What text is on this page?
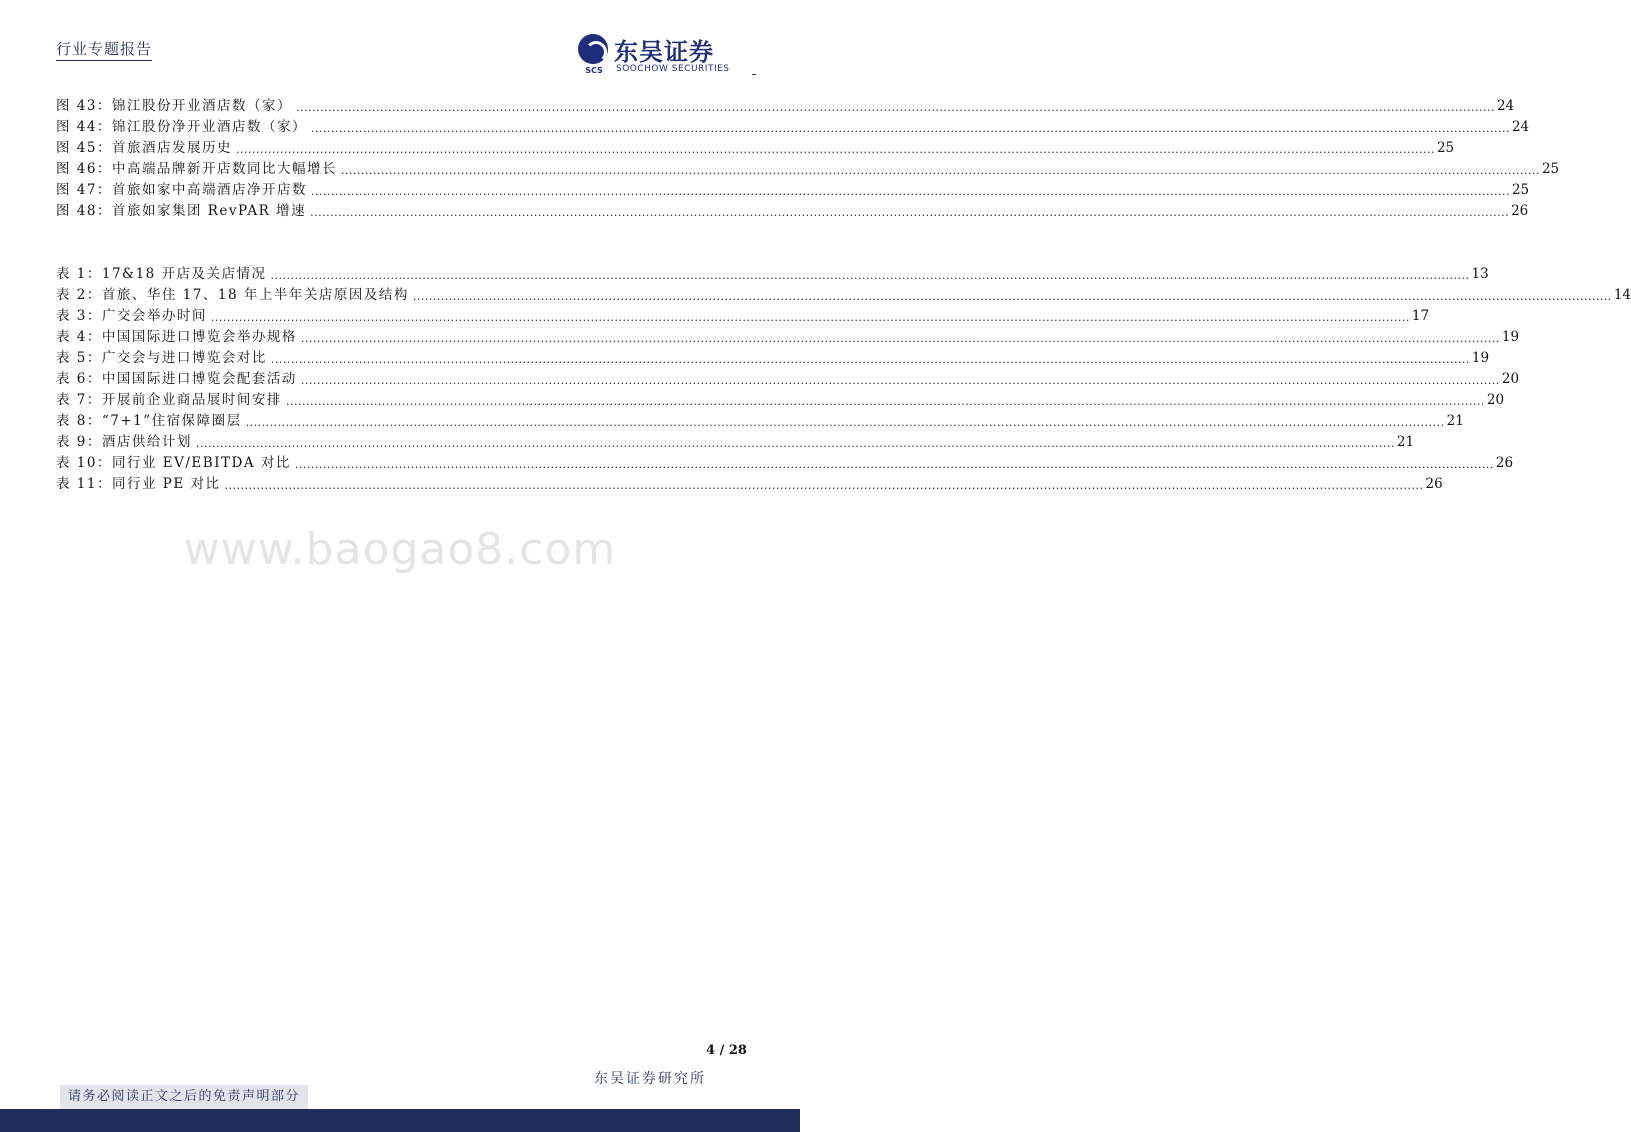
行业专题报告
SCS
东吴证券
SOOCHOW SECURITIES
图 43：锦江股份开业酒店数（家） ............................................................................................................................................................................................................................................................................................................ 24
图 44：锦江股份净开业酒店数（家） ............................................................................................................................................................................................................................................................................................................ 24
图 45：首旅酒店发展历史 ............................................................................................................................................................................................................................................................................................................ 25
图 46：中高端品牌新开店数同比大幅增长 ............................................................................................................................................................................................................................................................................................................ 25
图 47：首旅如家中高端酒店净开店数 ............................................................................................................................................................................................................................................................................................................ 25
图 48：首旅如家集团 RevPAR 增速 ............................................................................................................................................................................................................................................................................................................ 26
表 1：17&18 开店及关店情况 ............................................................................................................................................................................................................................................................................................................ 13
表 2：首旅、华住 17、18 年上半年关店原因及结构 ............................................................................................................................................................................................................................................................................................................ 14
表 3：广交会举办时间 ............................................................................................................................................................................................................................................................................................................ 17
表 4：中国国际进口博览会举办规格 ............................................................................................................................................................................................................................................................................................................ 19
表 5：广交会与进口博览会对比 ............................................................................................................................................................................................................................................................................................................ 19
表 6：中国国际进口博览会配套活动 ............................................................................................................................................................................................................................................................................................................ 20
表 7：开展前企业商品展时间安排 ............................................................................................................................................................................................................................................................................................................ 20
表 8：“7+1”住宿保障圈层 ............................................................................................................................................................................................................................................................................................................ 21
表 9：酒店供给计划 ............................................................................................................................................................................................................................................................................................................ 21
表 10：同行业 EV/EBITDA 对比 ............................................................................................................................................................................................................................................................................................................ 26
表 11：同行业 PE 对比 ............................................................................................................................................................................................................................................................................................................ 26
www.baogao8.com
4 / 28
东吴证券研究所
请务必阅读正文之后的免责声明部分
